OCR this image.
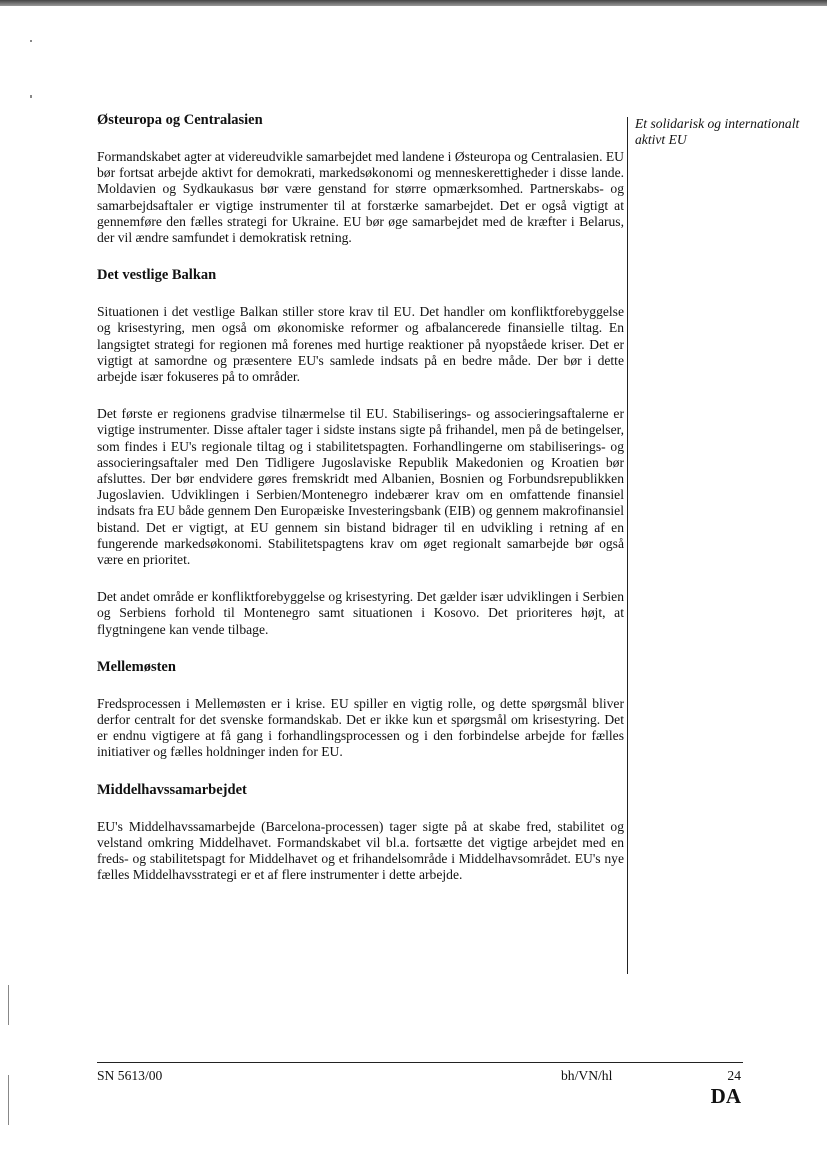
Østeuropa og Centralasien

Formandskabet agter at videreudvikle samarbejdet med landene i Østeuropa og Centralasien. EU bør fortsat arbejde aktivt for demokrati, markedsøkonomi og menneskerettigheder i disse lande. Moldavien og Sydkaukasus bør være genstand for større opmærksomhed. Partnerskabs- og samarbejdsaftaler er vigtige instrumenter til at forstærke samarbejdet. Det er også vigtigt at gennemføre den fælles strategi for Ukraine. EU bør øge samarbejdet med de kræfter i Belarus, der vil ændre samfundet i demokratisk retning.

Det vestlige Balkan

Situationen i det vestlige Balkan stiller store krav til EU. Det handler om konfliktforebyggelse og krisestyring, men også om økonomiske reformer og afbalancerede finansielle tiltag. En langsigtet strategi for regionen må forenes med hurtige reaktioner på nyopståede kriser. Det er vigtigt at samordne og præsentere EU's samlede indsats på en bedre måde. Der bør i dette arbejde især fokuseres på to områder.

Det første er regionens gradvise tilnærmelse til EU. Stabiliserings- og associeringsaftalerne er vigtige instrumenter. Disse aftaler tager i sidste instans sigte på frihandel, men på de betingelser, som findes i EU's regionale tiltag og i stabilitetspagten. Forhandlingerne om stabiliserings- og associeringsaftaler med Den Tidligere Jugoslaviske Republik Makedonien og Kroatien bør afsluttes. Der bør endvidere gøres fremskridt med Albanien, Bosnien og Forbundsrepublikken Jugoslavien. Udviklingen i Serbien/Montenegro indebærer krav om en omfattende finansiel indsats fra EU både gennem Den Europæiske Investeringsbank (EIB) og gennem makrofinansiel bistand. Det er vigtigt, at EU gennem sin bistand bidrager til en udvikling i retning af en fungerende markedsøkonomi. Stabilitetspagtens krav om øget regionalt samarbejde bør også være en prioritet.

Det andet område er konfliktforebyggelse og krisestyring. Det gælder især udviklingen i Serbien og Serbiens forhold til Montenegro samt situationen i Kosovo. Det prioriteres højt, at flygtningene kan vende tilbage.

Mellemøsten

Fredsprocessen i Mellemøsten er i krise. EU spiller en vigtig rolle, og dette spørgsmål bliver derfor centralt for det svenske formandskab. Det er ikke kun et spørgsmål om krisestyring. Det er endnu vigtigere at få gang i forhandlingsprocessen og i den forbindelse arbejde for fælles initiativer og fælles holdninger inden for EU.

Middelhavssamarbejdet

EU's Middelhavssamarbejde (Barcelona-processen) tager sigte på at skabe fred, stabilitet og velstand omkring Middelhavet. Formandskabet vil bl.a. fortsætte det vigtige arbejdet med en freds- og stabilitetspagt for Middelhavet og et frihandelsområde i Middelhavsområdet. EU's nye fælles Middelhavsstrategi er et af flere instrumenter i dette arbejde.

Et solidarisk og internationalt aktivt EU
SN 5613/00	bh/VN/hl	24
DA
